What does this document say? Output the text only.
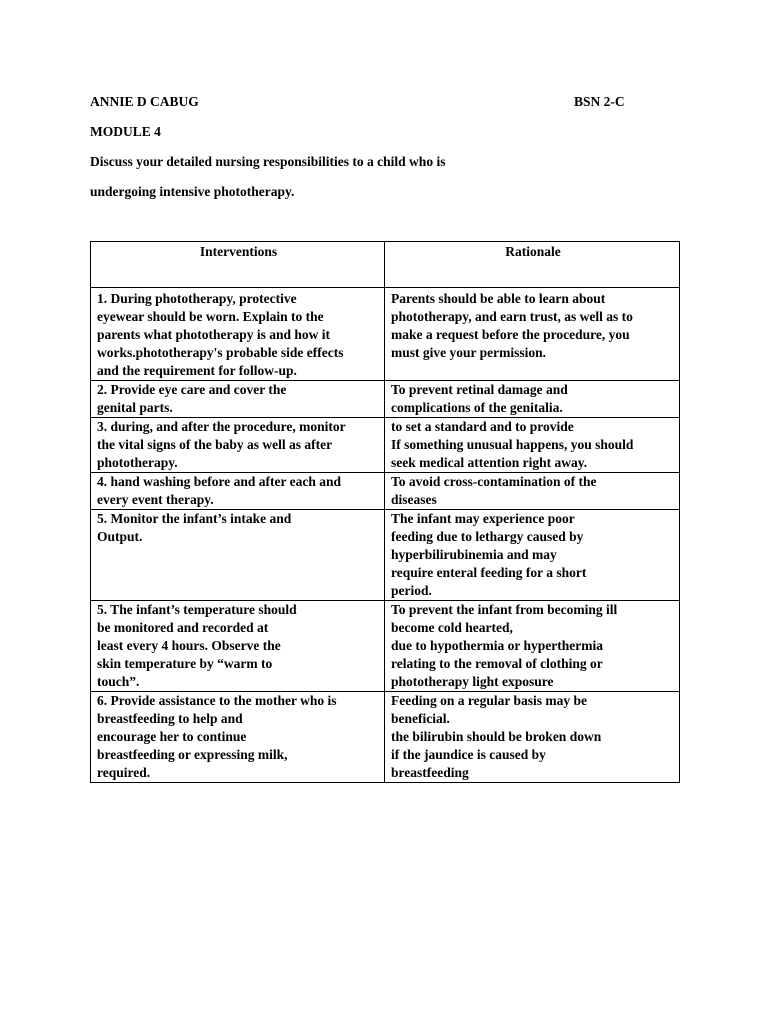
ANNIE D CABUG	BSN 2-C
MODULE 4
Discuss your detailed nursing responsibilities to a child who is
undergoing intensive phototherapy.
Interventions	Rationale

1. During phototherapy, protective
eyewear should be worn. Explain to the
parents what phototherapy is and how it
works.phototherapy's probable side effects
and the requirement for follow-up.	Parents should be able to learn about
phototherapy, and earn trust, as well as to
make a request before the procedure, you
must give your permission.

2. Provide eye care and cover the
genital parts.	To prevent retinal damage and
complications of the genitalia.

3. during, and after the procedure, monitor
the vital signs of the baby as well as after
phototherapy.	to set a standard and to provide
If something unusual happens, you should
seek medical attention right away.

4. hand washing before and after each and
every event therapy.	To avoid cross-contamination of the
diseases

5. Monitor the infant’s intake and
Output.	The infant may experience poor
feeding due to lethargy caused by
hyperbilirubinemia and may
require enteral feeding for a short
period.

5. The infant’s temperature should
be monitored and recorded at
least every 4 hours. Observe the
skin temperature by “warm to
touch”.	To prevent the infant from becoming ill
become cold hearted,
due to hypothermia or hyperthermia
relating to the removal of clothing or
phototherapy light exposure

6. Provide assistance to the mother who is
breastfeeding to help and
encourage her to continue
breastfeeding or expressing milk,
required.	Feeding on a regular basis may be
beneficial.
the bilirubin should be broken down
if the jaundice is caused by
breastfeeding
